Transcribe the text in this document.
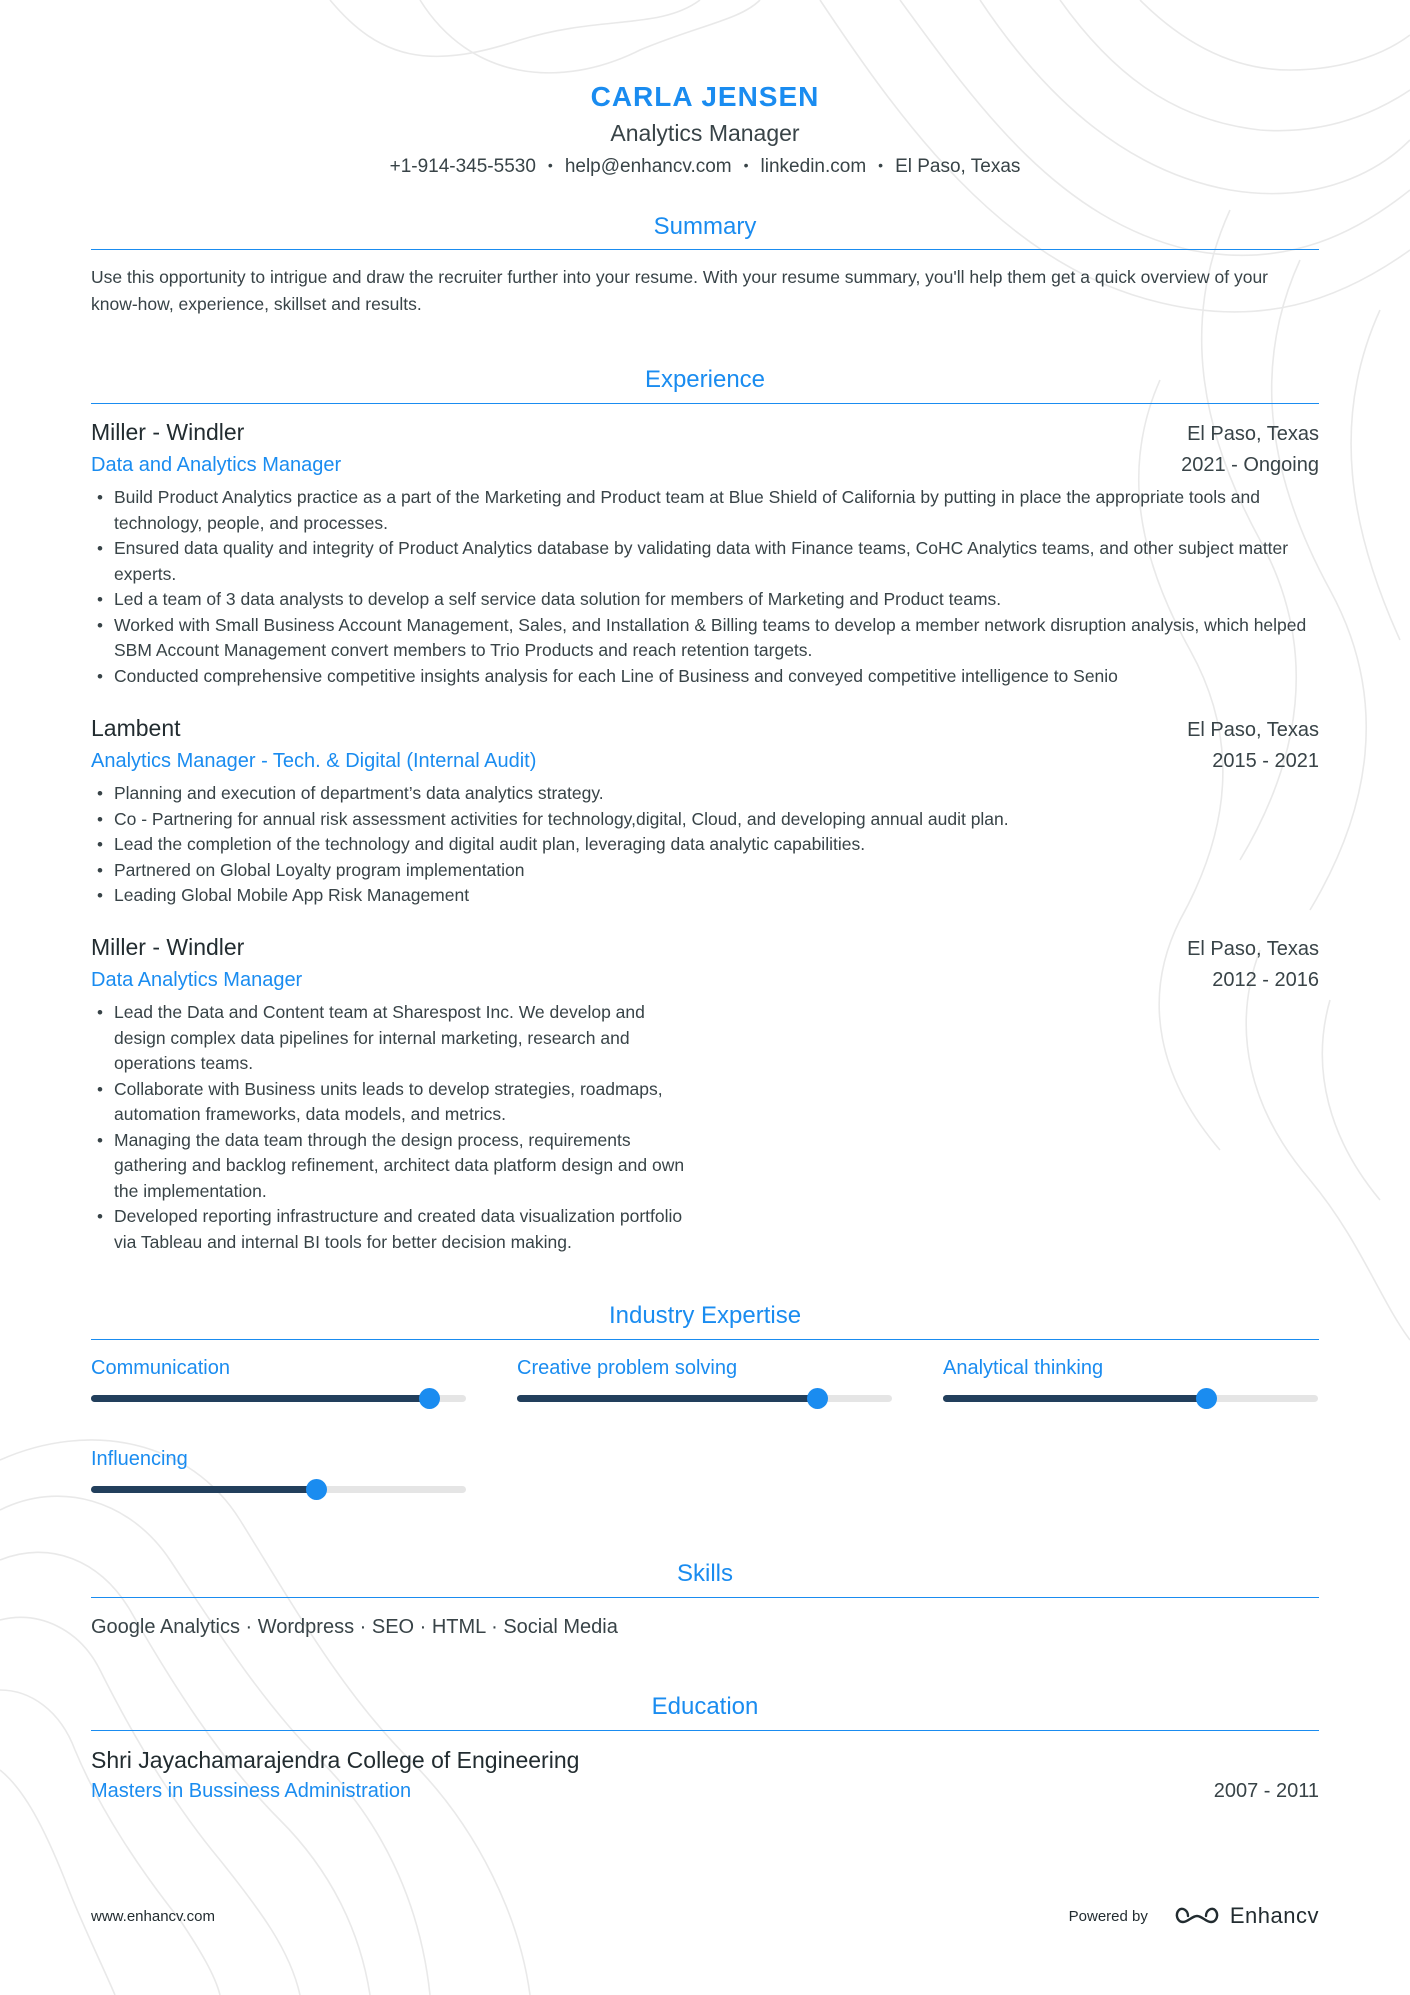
CARLA JENSEN
Analytics Manager
+1-914-345-5530 • help@enhancv.com • linkedin.com • El Paso, Texas
Summary
Use this opportunity to intrigue and draw the recruiter further into your resume. With your resume summary, you'll help them get a quick overview of your know-how, experience, skillset and results.
Experience
Miller - Windler	El Paso, Texas
Data and Analytics Manager	2021 - Ongoing
• Build Product Analytics practice as a part of the Marketing and Product team at Blue Shield of California by putting in place the appropriate tools and technology, people, and processes.
• Ensured data quality and integrity of Product Analytics database by validating data with Finance teams, CoHC Analytics teams, and other subject matter experts.
• Led a team of 3 data analysts to develop a self service data solution for members of Marketing and Product teams.
• Worked with Small Business Account Management, Sales, and Installation & Billing teams to develop a member network disruption analysis, which helped SBM Account Management convert members to Trio Products and reach retention targets.
• Conducted comprehensive competitive insights analysis for each Line of Business and conveyed competitive intelligence to Senio
Lambent	El Paso, Texas
Analytics Manager - Tech. & Digital (Internal Audit)	2015 - 2021
• Planning and execution of department’s data analytics strategy.
• Co - Partnering for annual risk assessment activities for technology,digital, Cloud, and developing annual audit plan.
• Lead the completion of the technology and digital audit plan, leveraging data analytic capabilities.
• Partnered on Global Loyalty program implementation
• Leading Global Mobile App Risk Management
Miller - Windler	El Paso, Texas
Data Analytics Manager	2012 - 2016
• Lead the Data and Content team at Sharespost Inc. We develop and design complex data pipelines for internal marketing, research and operations teams.
• Collaborate with Business units leads to develop strategies, roadmaps, automation frameworks, data models, and metrics.
• Managing the data team through the design process, requirements gathering and backlog refinement, architect data platform design and own the implementation.
• Developed reporting infrastructure and created data visualization portfolio via Tableau and internal BI tools for better decision making.
Industry Expertise
Communication	Creative problem solving	Analytical thinking
Influencing
Skills
Google Analytics · Wordpress · SEO · HTML · Social Media
Education
Shri Jayachamarajendra College of Engineering
Masters in Bussiness Administration	2007 - 2011
www.enhancv.com	Powered by	Enhancv
